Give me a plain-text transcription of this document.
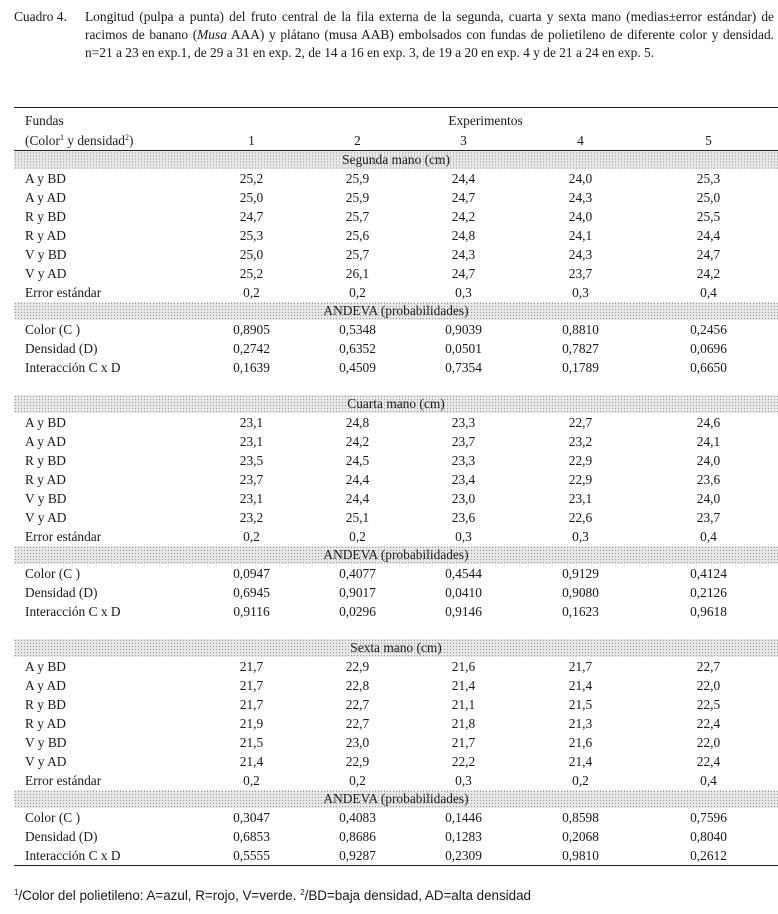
Cuadro 4. Longitud (pulpa a punta) del fruto central de la fila externa de la segunda, cuarta y sexta mano (medias±error estándar) de racimos de banano (Musa AAA) y plátano (musa AAB) embolsados con fundas de polietileno de diferente color y densidad. n=21 a 23 en exp.1, de 29 a 31 en exp. 2, de 14 a 16 en exp. 3, de 19 a 20 en exp. 4 y de 21 a 24 en exp. 5.
Fundas	Experimentos				
(Color$^1$ y densidad$^2$)	1	2	3	4	5
Segunda mano (cm)					
A y BD	25,2	25,9	24,4	24,0	25,3
A y AD	25,0	25,9	24,7	24,3	25,0
R y BD	24,7	25,7	24,2	24,0	25,5
R y AD	25,3	25,6	24,8	24,1	24,4
V y BD	25,0	25,7	24,3	24,3	24,7
V y AD	25,2	26,1	24,7	23,7	24,2
Error estándar	0,2	0,2	0,3	0,3	0,4
ANDEVA (probabilidades)					
Color (C )	0,8905	0,5348	0,9039	0,8810	0,2456
Densidad (D)	0,2742	0,6352	0,0501	0,7827	0,0696
Interacción C x D	0,1639	0,4509	0,7354	0,1789	0,6650

Cuarta mano (cm)					
A y BD	23,1	24,8	23,3	22,7	24,6
A y AD	23,1	24,2	23,7	23,2	24,1
R y BD	23,5	24,5	23,3	22,9	24,0
R y AD	23,7	24,4	23,4	22,9	23,6
V y BD	23,1	24,4	23,0	23,1	24,0
V y AD	23,2	25,1	23,6	22,6	23,7
Error estándar	0,2	0,2	0,3	0,3	0,4
ANDEVA (probabilidades)					
Color (C )	0,0947	0,4077	0,4544	0,9129	0,4124
Densidad (D)	0,6945	0,9017	0,0410	0,9080	0,2126
Interacción C x D	0,9116	0,0296	0,9146	0,1623	0,9618

Sexta mano (cm)					
A y BD	21,7	22,9	21,6	21,7	22,7
A y AD	21,7	22,8	21,4	21,4	22,0
R y BD	21,7	22,7	21,1	21,5	22,5
R y AD	21,9	22,7	21,8	21,3	22,4
V y BD	21,5	23,0	21,7	21,6	22,0
V y AD	21,4	22,9	22,2	21,4	22,4
Error estándar	0,2	0,2	0,3	0,2	0,4
ANDEVA (probabilidades)					
Color (C )	0,3047	0,4083	0,1446	0,8598	0,7596
Densidad (D)	0,6853	0,8686	0,1283	0,2068	0,8040
Interacción C x D	0,5555	0,9287	0,2309	0,9810	0,2612
$^1$/Color del polietileno: A=azul, R=rojo, V=verde. $^2$/BD=baja densidad, AD=alta densidad
